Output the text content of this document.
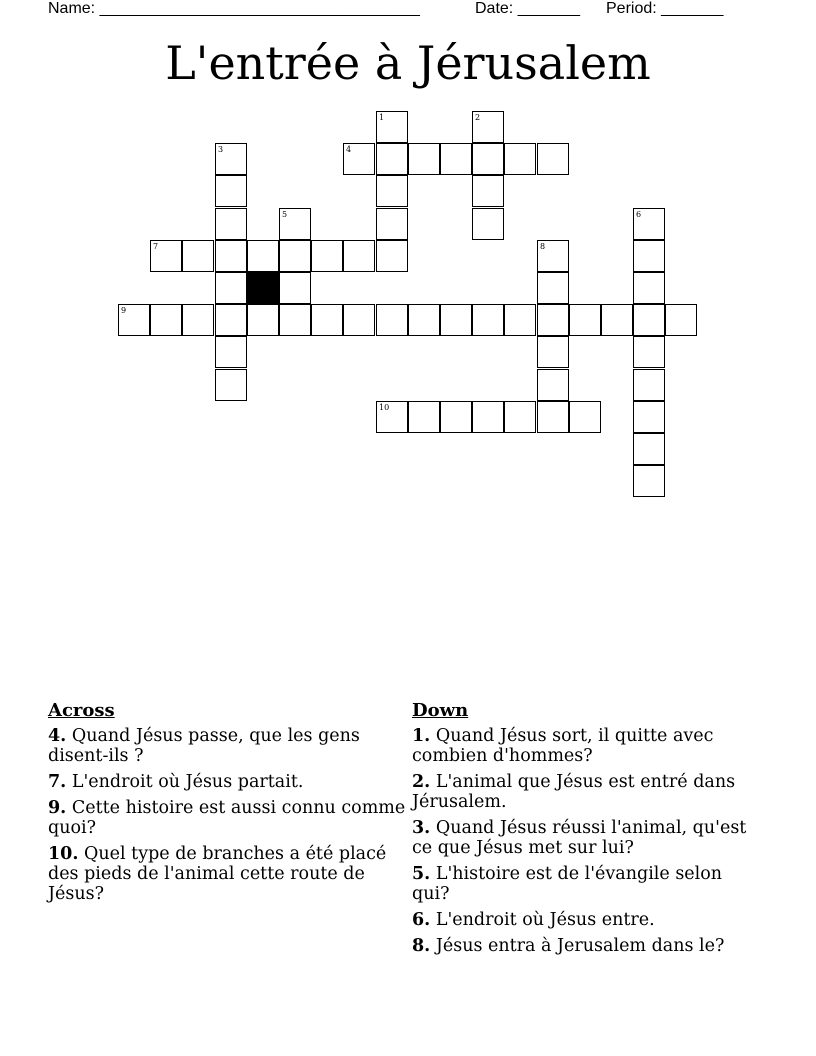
Name: ____________________________________	Date: _______ Period: _______
L'entrée à Jérusalem
1	2
3	4
5	6
7	8
9
10
Across
4. Quand Jésus passe, que les gens disent-ils ?
7. L'endroit où Jésus partait.
9. Cette histoire est aussi connu comme quoi?
10. Quel type de branches a été placé des pieds de l'animal cette route de Jésus?
Down
1. Quand Jésus sort, il quitte avec combien d'hommes?
2. L'animal que Jésus est entré dans Jérusalem.
3. Quand Jésus réussi l'animal, qu'est ce que Jésus met sur lui?
5. L'histoire est de l'évangile selon qui?
6. L'endroit où Jésus entre.
8. Jésus entra à Jerusalem dans le?
